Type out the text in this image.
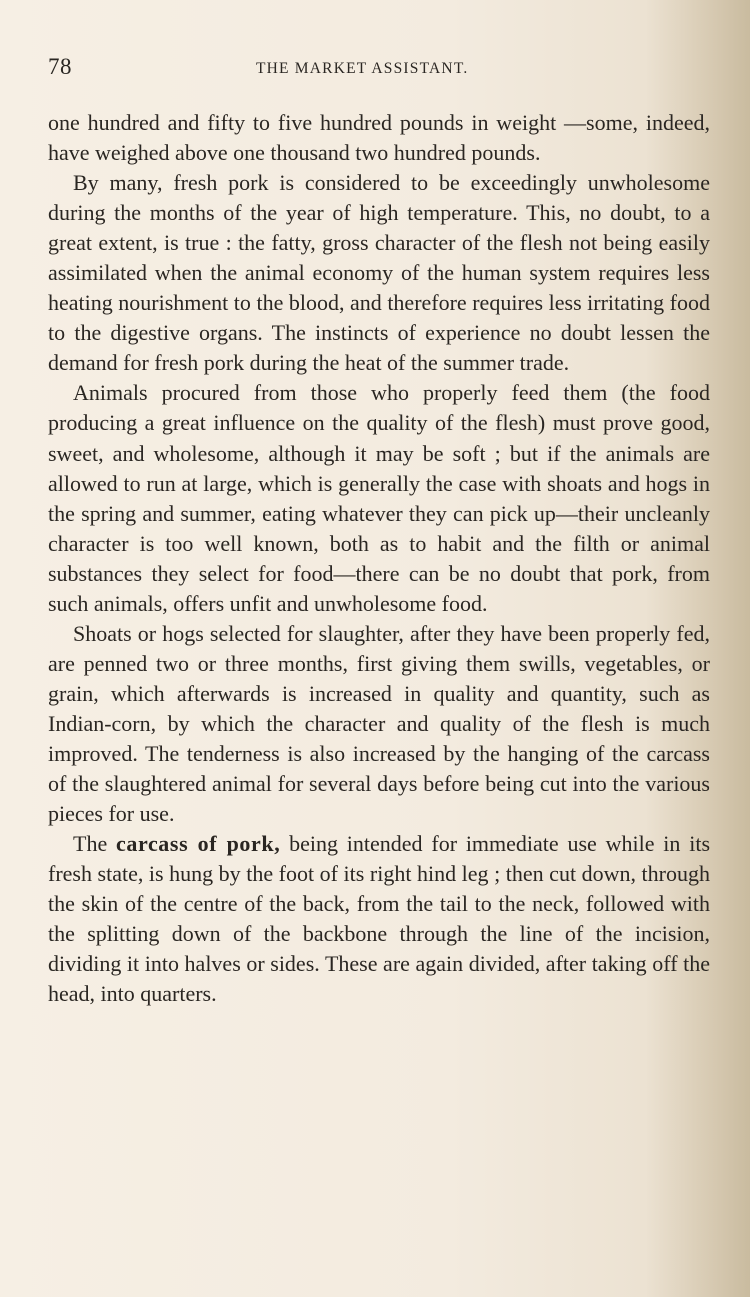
78	THE MARKET ASSISTANT.

one hundred and fifty to five hundred pounds in weight —some, indeed, have weighed above one thousand two hundred pounds.

By many, fresh pork is considered to be exceedingly unwholesome during the months of the year of high temperature. This, no doubt, to a great extent, is true : the fatty, gross character of the flesh not being easily assimilated when the animal economy of the human system requires less heating nourishment to the blood, and therefore requires less irritating food to the digestive organs. The instincts of experience no doubt lessen the demand for fresh pork during the heat of the summer trade.

Animals procured from those who properly feed them (the food producing a great influence on the quality of the flesh) must prove good, sweet, and wholesome, although it may be soft ; but if the animals are allowed to run at large, which is generally the case with shoats and hogs in the spring and summer, eating whatever they can pick up—their uncleanly character is too well known, both as to habit and the filth or animal substances they select for food—there can be no doubt that pork, from such animals, offers unfit and unwholesome food.

Shoats or hogs selected for slaughter, after they have been properly fed, are penned two or three months, first giving them swills, vegetables, or grain, which afterwards is increased in quality and quantity, such as Indian-corn, by which the character and quality of the flesh is much improved. The tenderness is also increased by the hanging of the carcass of the slaughtered animal for several days before being cut into the various pieces for use.

The carcass of pork, being intended for immediate use while in its fresh state, is hung by the foot of its right hind leg ; then cut down, through the skin of the centre of the back, from the tail to the neck, followed with the splitting down of the backbone through the line of the incision, dividing it into halves or sides. These are again divided, after taking off the head, into quarters.
